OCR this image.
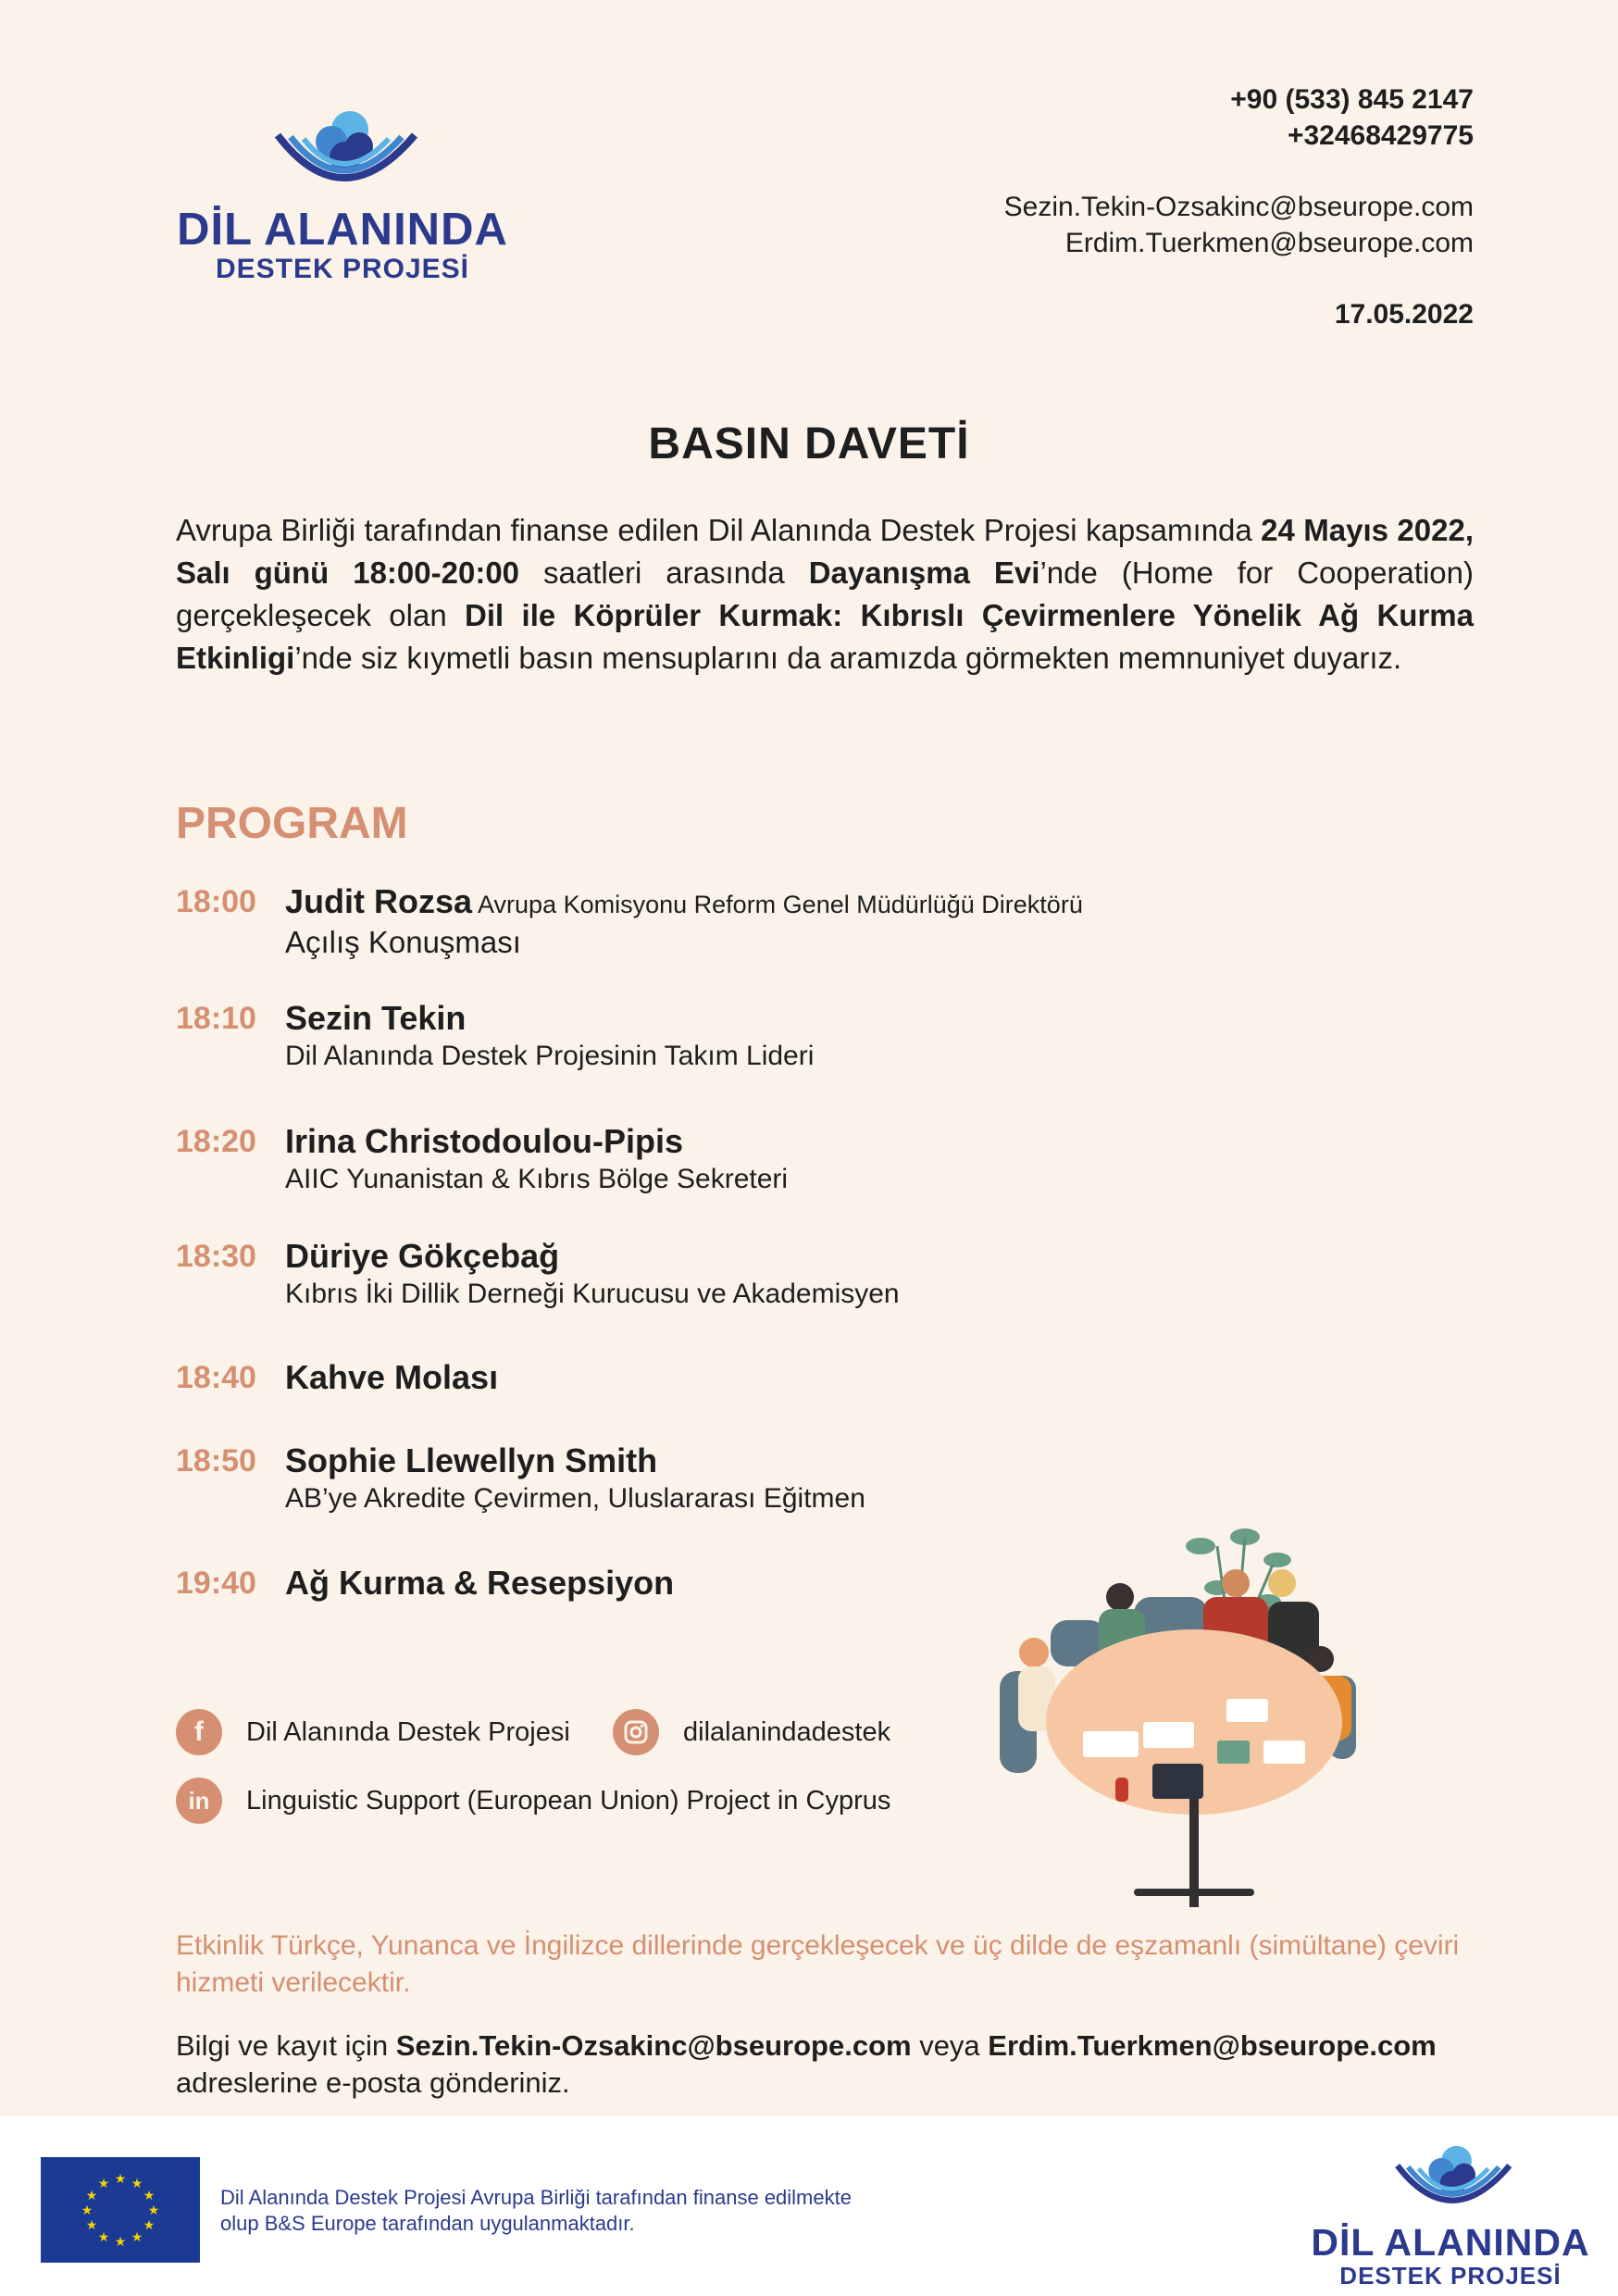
DİL ALANINDA
DESTEK PROJESİ
+90 (533) 845 2147
+32468429775
Sezin.Tekin-Ozsakinc@bseurope.com
Erdim.Tuerkmen@bseurope.com
17.05.2022
BASIN DAVETİ
Avrupa Birliği tarafından finanse edilen Dil Alanında Destek Projesi kapsamında 24 Mayıs 2022, Salı günü 18:00-20:00 saatleri arasında Dayanışma Evi’nde (Home for Cooperation) gerçekleşecek olan Dil ile Köprüler Kurmak: Kıbrıslı Çevirmenlere Yönelik Ağ Kurma Etkinligi’nde siz kıymetli basın mensuplarını da aramızda görmekten memnuniyet duyarız.
PROGRAM
18:00 Judit Rozsa Avrupa Komisyonu Reform Genel Müdürlüğü Direktörü
Açılış Konuşması
18:10 Sezin Tekin
Dil Alanında Destek Projesinin Takım Lideri
18:20 Irina Christodoulou-Pipis
AIIC Yunanistan & Kıbrıs Bölge Sekreteri
18:30 Düriye Gökçebağ
Kıbrıs İki Dillik Derneği Kurucusu ve Akademisyen
18:40 Kahve Molası
18:50 Sophie Llewellyn Smith
AB’ye Akredite Çevirmen, Uluslararası Eğitmen
19:40 Ağ Kurma & Resepsiyon
f	Dil Alanında Destek Projesi	dilalanindadestek
in	Linguistic Support (European Union) Project in Cyprus
Etkinlik Türkçe, Yunanca ve İngilizce dillerinde gerçekleşecek ve üç dilde de eşzamanlı (simültane) çeviri hizmeti verilecektir.
Bilgi ve kayıt için Sezin.Tekin-Ozsakinc@bseurope.com veya Erdim.Tuerkmen@bseurope.com adreslerine e-posta gönderiniz.
★ ★
★
★
★
★
★
★
★
★
★
★
Dil Alanında Destek Projesi Avrupa Birliği tarafından finanse edilmekte olup B&S Europe tarafından uygulanmaktadır.	DİL ALANINDA
DESTEK PROJESİ
